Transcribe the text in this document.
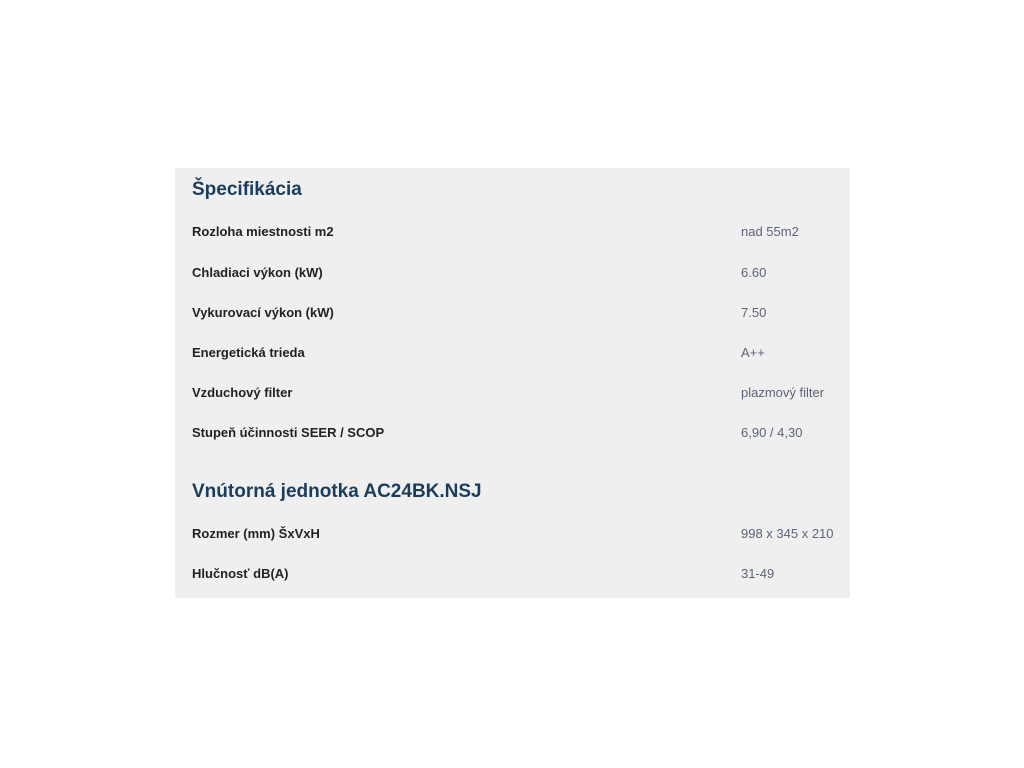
Špecifikácia
Rozloha miestnosti m2	nad 55m2
Chladiaci výkon (kW)	6.60
Vykurovací výkon (kW)	7.50
Energetická trieda	A++
Vzduchový filter	plazmový filter
Stupeň účinnosti SEER / SCOP	6,90 / 4,30
Vnútorná jednotka AC24BK.NSJ
Rozmer (mm) ŠxVxH	998 x 345 x 210
Hlučnosť dB(A)	31-49
